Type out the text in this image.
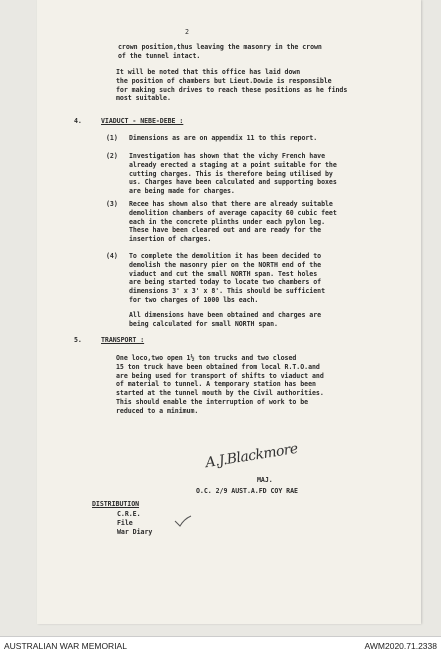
2
crown position,thus leaving the masonry in the crown
of the tunnel intact.
It will be noted that this office has laid down
the position of chambers but Lieut.Dowie is responsible
for making such drives to reach these positions as he finds
most suitable.
4.	VIADUCT - NEBE-DEBE :
(1) Dimensions as are on appendix 11 to this report.
(2) Investigation has shown that the vichy French have
already erected a staging at a point suitable for the
cutting charges. This is therefore being utilised by
us. Charges have been calculated and supporting boxes
are being made for charges.
(3) Recee has shown also that there are already suitable
demolition chambers of average capacity 60 cubic feet
each in the concrete plinths under each pylon leg.
These have been cleared out and are ready for the
insertion of charges.
(4) To complete the demolition it has been decided to
demolish the masonry pier on the NORTH end of the
viaduct and cut the small NORTH span. Test holes
are being started today to locate two chambers of
dimensions 3' x 3' x 8'. This should be sufficient
for two charges of 1000 lbs each.
All dimensions have been obtained and charges are
being calculated for small NORTH span.
5.	TRANSPORT :
One loco,two open 1½ ton trucks and two closed
15 ton truck have been obtained from local R.T.O.and
are being used for transport of shifts to viaduct and
of material to tunnel. A temporary station has been
started at the tunnel mouth by the Civil authorities.
This should enable the interruption of work to be
reduced to a minimum.
A.J.Blackmore
MAJ.
O.C. 2/9 AUST.A.FD COY RAE
DISTRIBUTION
C.R.E.
File
War Diary
AUSTRALIAN WAR MEMORIAL	AWM2020.71.2338
